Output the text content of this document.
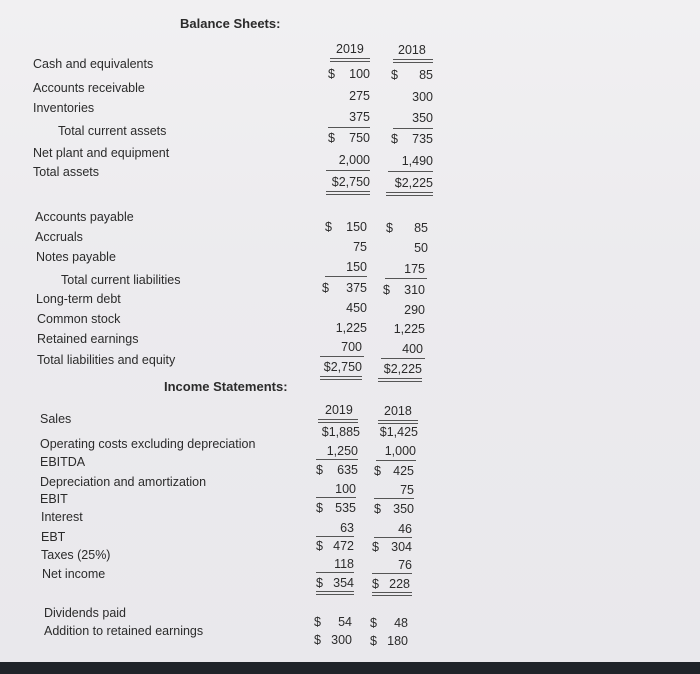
Balance Sheets:
2019	2018
Cash and equivalents
Accounts receivable
Inventories
Total current assets
Net plant and equipment
Total assets
$ 100
275
375
$ 750
2,000
$2,750
$ 85
300
350
$ 735
1,490
$2,225
Accounts payable
Accruals
Notes payable
Total current liabilities
Long-term debt
Common stock
Retained earnings
Total liabilities and equity
$ 150
75
150
$ 375
450
1,225
700
$2,750
$ 85
50
175
$ 310
290
1,225
400
$2,225
Income Statements:
2019 2018
Sales
Operating costs excluding depreciation
EBITDA
Depreciation and amortization
EBIT
Interest
EBT
Taxes (25%)
Net income
$1,885
1,250
$ 635
100
$ 535
63
$ 472
118
$ 354
$1,425
1,000
$ 425
75
$ 350
46
$ 304
76
$ 228
Dividends paid
Addition to retained earnings
$ 54
$ 300
$ 48
$ 180
